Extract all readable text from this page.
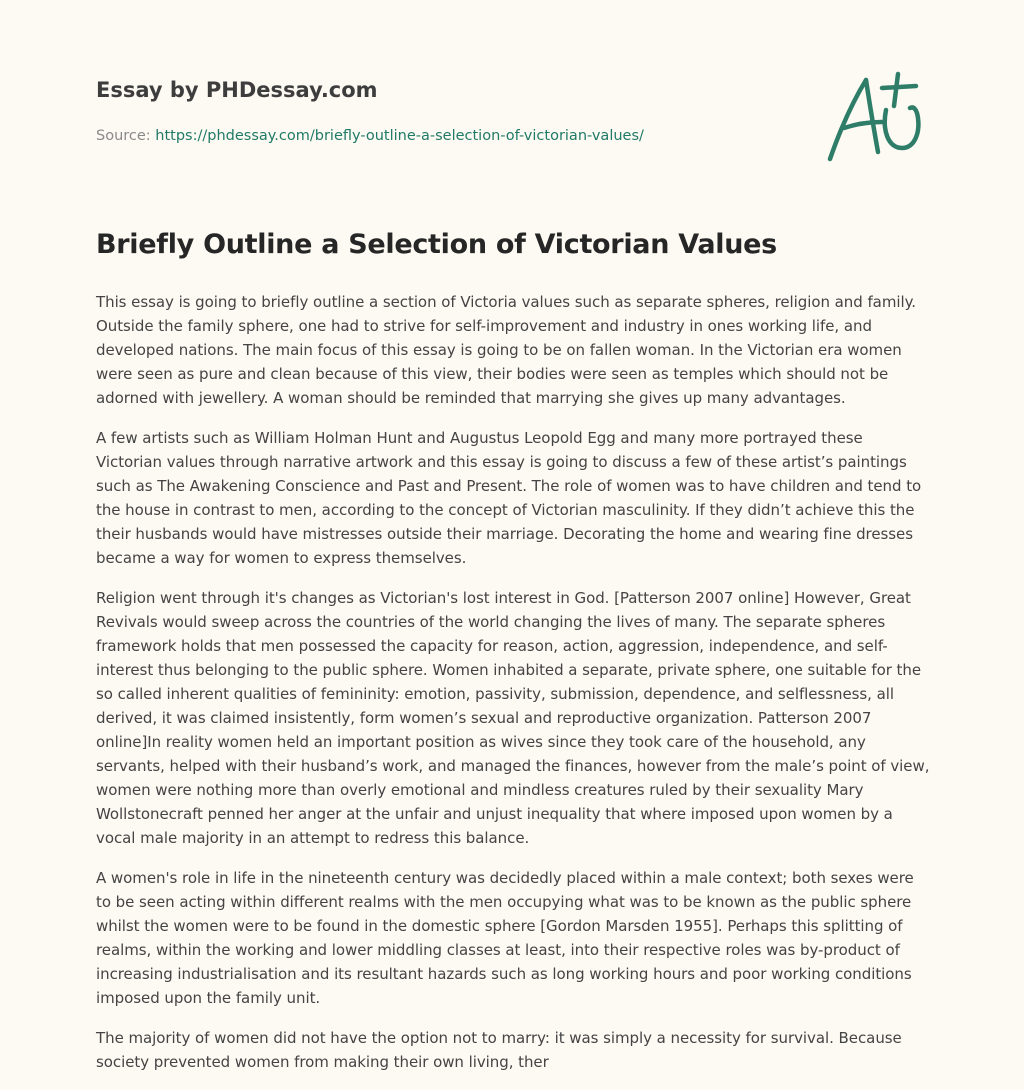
Essay by PHDessay.com
Source: https://phdessay.com/briefly-outline-a-selection-of-victorian-values/
Briefly Outline a Selection of Victorian Values

This essay is going to briefly outline a section of Victoria values such as separate spheres, religion and family. Outside the family sphere, one had to strive for self-improvement and industry in ones working life, and developed nations. The main focus of this essay is going to be on fallen woman. In the Victorian era women were seen as pure and clean because of this view, their bodies were seen as temples which should not be adorned with jewellery. A woman should be reminded that marrying she gives up many advantages.

A few artists such as William Holman Hunt and Augustus Leopold Egg and many more portrayed these Victorian values through narrative artwork and this essay is going to discuss a few of these artist’s paintings such as The Awakening Conscience and Past and Present. The role of women was to have children and tend to the house in contrast to men, according to the concept of Victorian masculinity. If they didn’t achieve this the their husbands would have mistresses outside their marriage. Decorating the home and wearing fine dresses became a way for women to express themselves.

Religion went through it's changes as Victorian's lost interest in God. [Patterson 2007 online] However, Great Revivals would sweep across the countries of the world changing the lives of many. The separate spheres framework holds that men possessed the capacity for reason, action, aggression, independence, and self-interest thus belonging to the public sphere. Women inhabited a separate, private sphere, one suitable for the so called inherent qualities of femininity: emotion, passivity, submission, dependence, and selflessness, all derived, it was claimed insistently, form women’s sexual and reproductive organization. Patterson 2007 online]In reality women held an important position as wives since they took care of the household, any servants, helped with their husband’s work, and managed the finances, however from the male’s point of view, women were nothing more than overly emotional and mindless creatures ruled by their sexuality Mary Wollstonecraft penned her anger at the unfair and unjust inequality that where imposed upon women by a vocal male majority in an attempt to redress this balance.

A women's role in life in the nineteenth century was decidedly placed within a male context; both sexes were to be seen acting within different realms with the men occupying what was to be known as the public sphere whilst the women were to be found in the domestic sphere [Gordon Marsden 1955]. Perhaps this splitting of realms, within the working and lower middling classes at least, into their respective roles was by-product of increasing industrialisation and its resultant hazards such as long working hours and poor working conditions imposed upon the family unit.

The majority of women did not have the option not to marry: it was simply a necessity for survival. Because society prevented women from making their own living, ther
